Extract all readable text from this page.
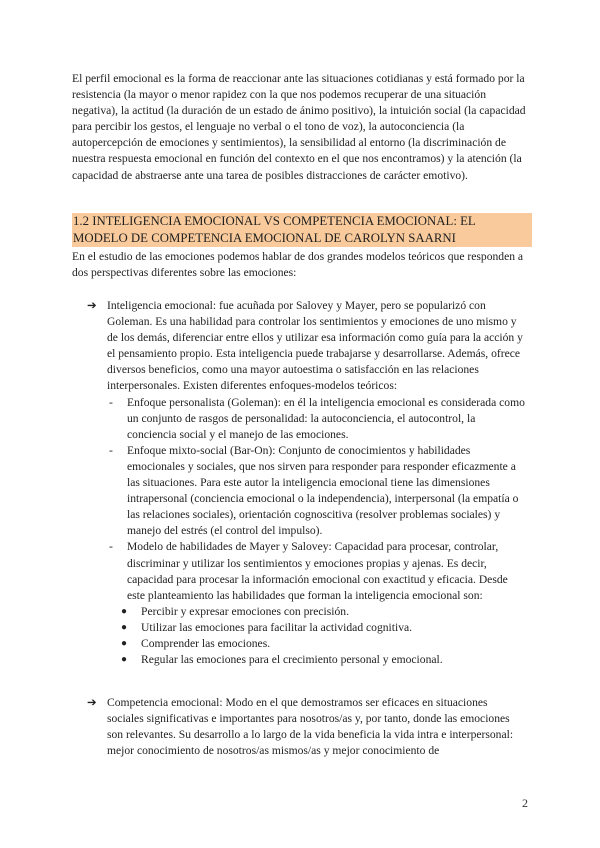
El perfil emocional es la forma de reaccionar ante las situaciones cotidianas y está formado por la resistencia (la mayor o menor rapidez con la que nos podemos recuperar de una situación negativa), la actitud (la duración de un estado de ánimo positivo), la intuición social (la capacidad para percibir los gestos, el lenguaje no verbal o el tono de voz), la autoconciencia (la autopercepción de emociones y sentimientos), la sensibilidad al entorno (la discriminación de nuestra respuesta emocional en función del contexto en el que nos encontramos) y la atención (la capacidad de abstraerse ante una tarea de posibles distracciones de carácter emotivo).

1.2 INTELIGENCIA EMOCIONAL VS COMPETENCIA EMOCIONAL: EL MODELO DE COMPETENCIA EMOCIONAL DE CAROLYN SAARNI

En el estudio de las emociones podemos hablar de dos grandes modelos teóricos que responden a dos perspectivas diferentes sobre las emociones:

➔ Inteligencia emocional: fue acuñada por Salovey y Mayer, pero se popularizó con Goleman. Es una habilidad para controlar los sentimientos y emociones de uno mismo y de los demás, diferenciar entre ellos y utilizar esa información como guía para la acción y el pensamiento propio. Esta inteligencia puede trabajarse y desarrollarse. Además, ofrece diversos beneficios, como una mayor autoestima o satisfacción en las relaciones interpersonales. Existen diferentes enfoques-modelos teóricos:
- Enfoque personalista (Goleman): en él la inteligencia emocional es considerada como un conjunto de rasgos de personalidad: la autoconciencia, el autocontrol, la conciencia social y el manejo de las emociones.
- Enfoque mixto-social (Bar-On): Conjunto de conocimientos y habilidades emocionales y sociales, que nos sirven para responder para responder eficazmente a las situaciones. Para este autor la inteligencia emocional tiene las dimensiones intrapersonal (conciencia emocional o la independencia), interpersonal (la empatía o las relaciones sociales), orientación cognoscitiva (resolver problemas sociales) y manejo del estrés (el control del impulso).
- Modelo de habilidades de Mayer y Salovey: Capacidad para procesar, controlar, discriminar y utilizar los sentimientos y emociones propias y ajenas. Es decir, capacidad para procesar la información emocional con exactitud y eficacia. Desde este planteamiento las habilidades que forman la inteligencia emocional son:
● Percibir y expresar emociones con precisión.
● Utilizar las emociones para facilitar la actividad cognitiva.
● Comprender las emociones.
● Regular las emociones para el crecimiento personal y emocional.
➔ Competencia emocional: Modo en el que demostramos ser eficaces en situaciones sociales significativas e importantes para nosotros/as y, por tanto, donde las emociones son relevantes. Su desarrollo a lo largo de la vida beneficia la vida intra e interpersonal: mejor conocimiento de nosotros/as mismos/as y mejor conocimiento de
2
